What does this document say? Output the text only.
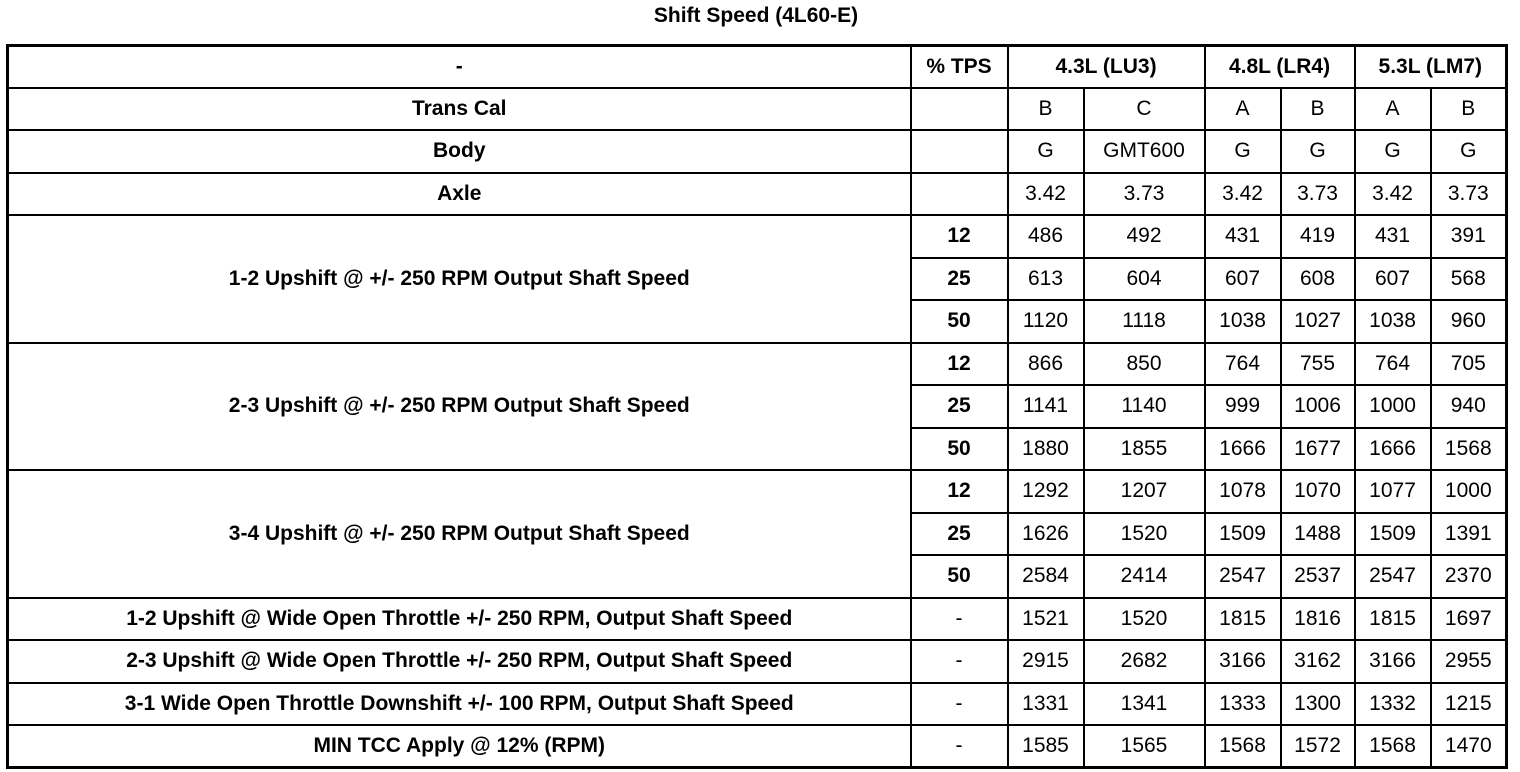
Shift Speed (4L60-E)
-	% TPS	4.3L (LU3)		4.8L (LR4)		5.3L (LM7)	
Trans Cal		B	C	A	B	A	B
Body		G	GMT600	G	G	G	G
Axle		3.42	3.73	3.42	3.73	3.42	3.73
1-2 Upshift @ +/- 250 RPM Output Shaft Speed	12	486	492	431	419	431	391
	25	613	604	607	608	607	568
	50	1120	1118	1038	1027	1038	960
2-3 Upshift @ +/- 250 RPM Output Shaft Speed	12	866	850	764	755	764	705
	25	1141	1140	999	1006	1000	940
	50	1880	1855	1666	1677	1666	1568
3-4 Upshift @ +/- 250 RPM Output Shaft Speed	12	1292	1207	1078	1070	1077	1000
	25	1626	1520	1509	1488	1509	1391
	50	2584	2414	2547	2537	2547	2370
1-2 Upshift @ Wide Open Throttle +/- 250 RPM, Output Shaft Speed	-	1521	1520	1815	1816	1815	1697
2-3 Upshift @ Wide Open Throttle +/- 250 RPM, Output Shaft Speed	-	2915	2682	3166	3162	3166	2955
3-1 Wide Open Throttle Downshift +/- 100 RPM, Output Shaft Speed	-	1331	1341	1333	1300	1332	1215
MIN TCC Apply @ 12% (RPM)	-	1585	1565	1568	1572	1568	1470
